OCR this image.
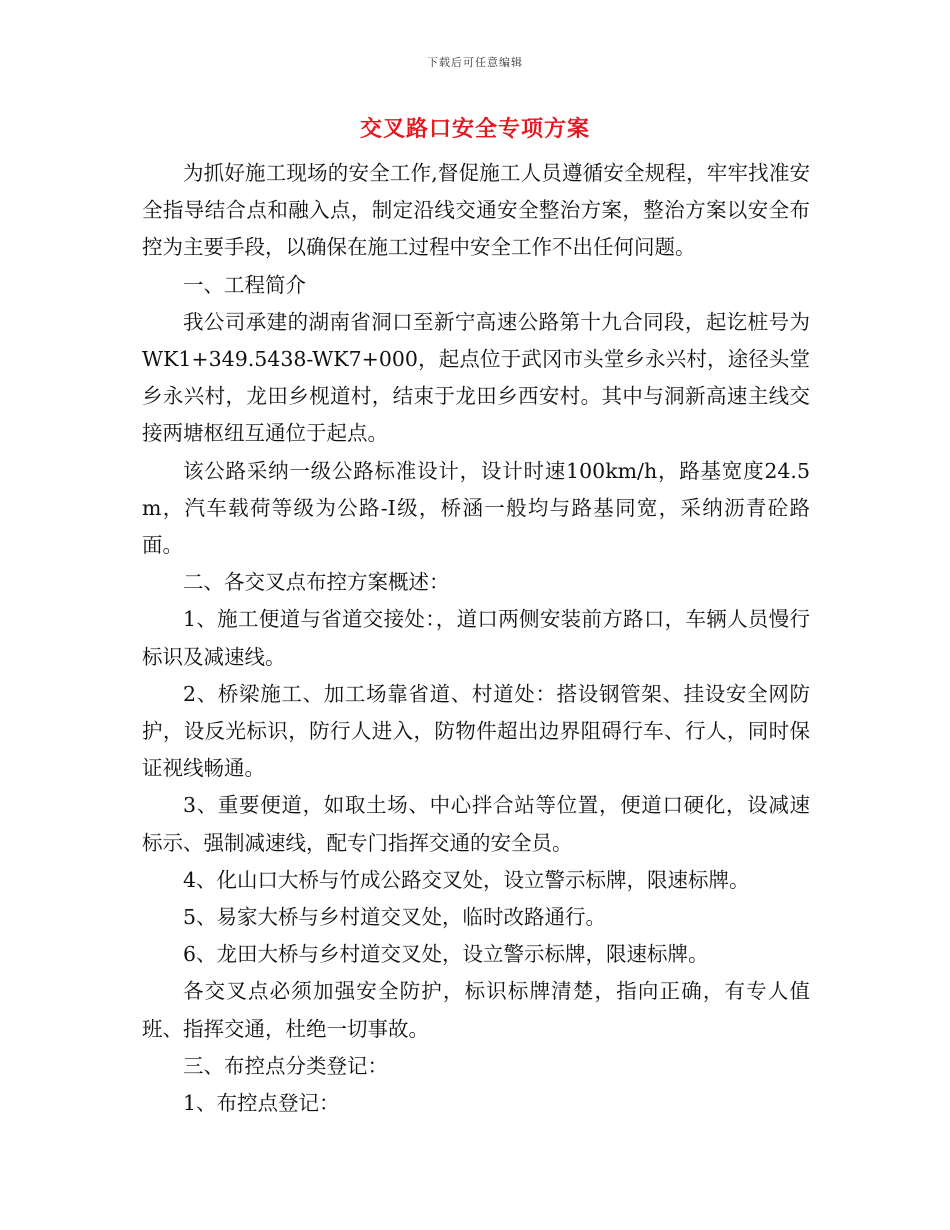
下载后可任意编辑
交叉路口安全专项方案

为抓好施工现场的安全工作,督促施工人员遵循安全规程，牢牢找准安全指导结合点和融入点，制定沿线交通安全整治方案，整治方案以安全布控为主要手段，以确保在施工过程中安全工作不出任何问题。

一、工程简介

我公司承建的湖南省洞口至新宁高速公路第十九合同段，起讫桩号为WK1+349.5438-WK7+000，起点位于武冈市头堂乡永兴村，途径头堂乡永兴村，龙田乡枧道村，结束于龙田乡西安村。其中与洞新高速主线交接两塘枢纽互通位于起点。

该公路采纳一级公路标准设计，设计时速100km/h，路基宽度24.5m，汽车载荷等级为公路-I级，桥涵一般均与路基同宽，采纳沥青砼路面。

二、各交叉点布控方案概述：

1、施工便道与省道交接处：，道口两侧安装前方路口，车辆人员慢行标识及减速线。

2、桥梁施工、加工场靠省道、村道处：搭设钢管架、挂设安全网防护，设反光标识，防行人进入，防物件超出边界阻碍行车、行人，同时保证视线畅通。

3、重要便道，如取土场、中心拌合站等位置，便道口硬化，设减速标示、强制减速线，配专门指挥交通的安全员。

4、化山口大桥与竹成公路交叉处，设立警示标牌，限速标牌。

5、易家大桥与乡村道交叉处，临时改路通行。

6、龙田大桥与乡村道交叉处，设立警示标牌，限速标牌。

各交叉点必须加强安全防护，标识标牌清楚，指向正确，有专人值班、指挥交通，杜绝一切事故。

三、布控点分类登记：

1、布控点登记：
